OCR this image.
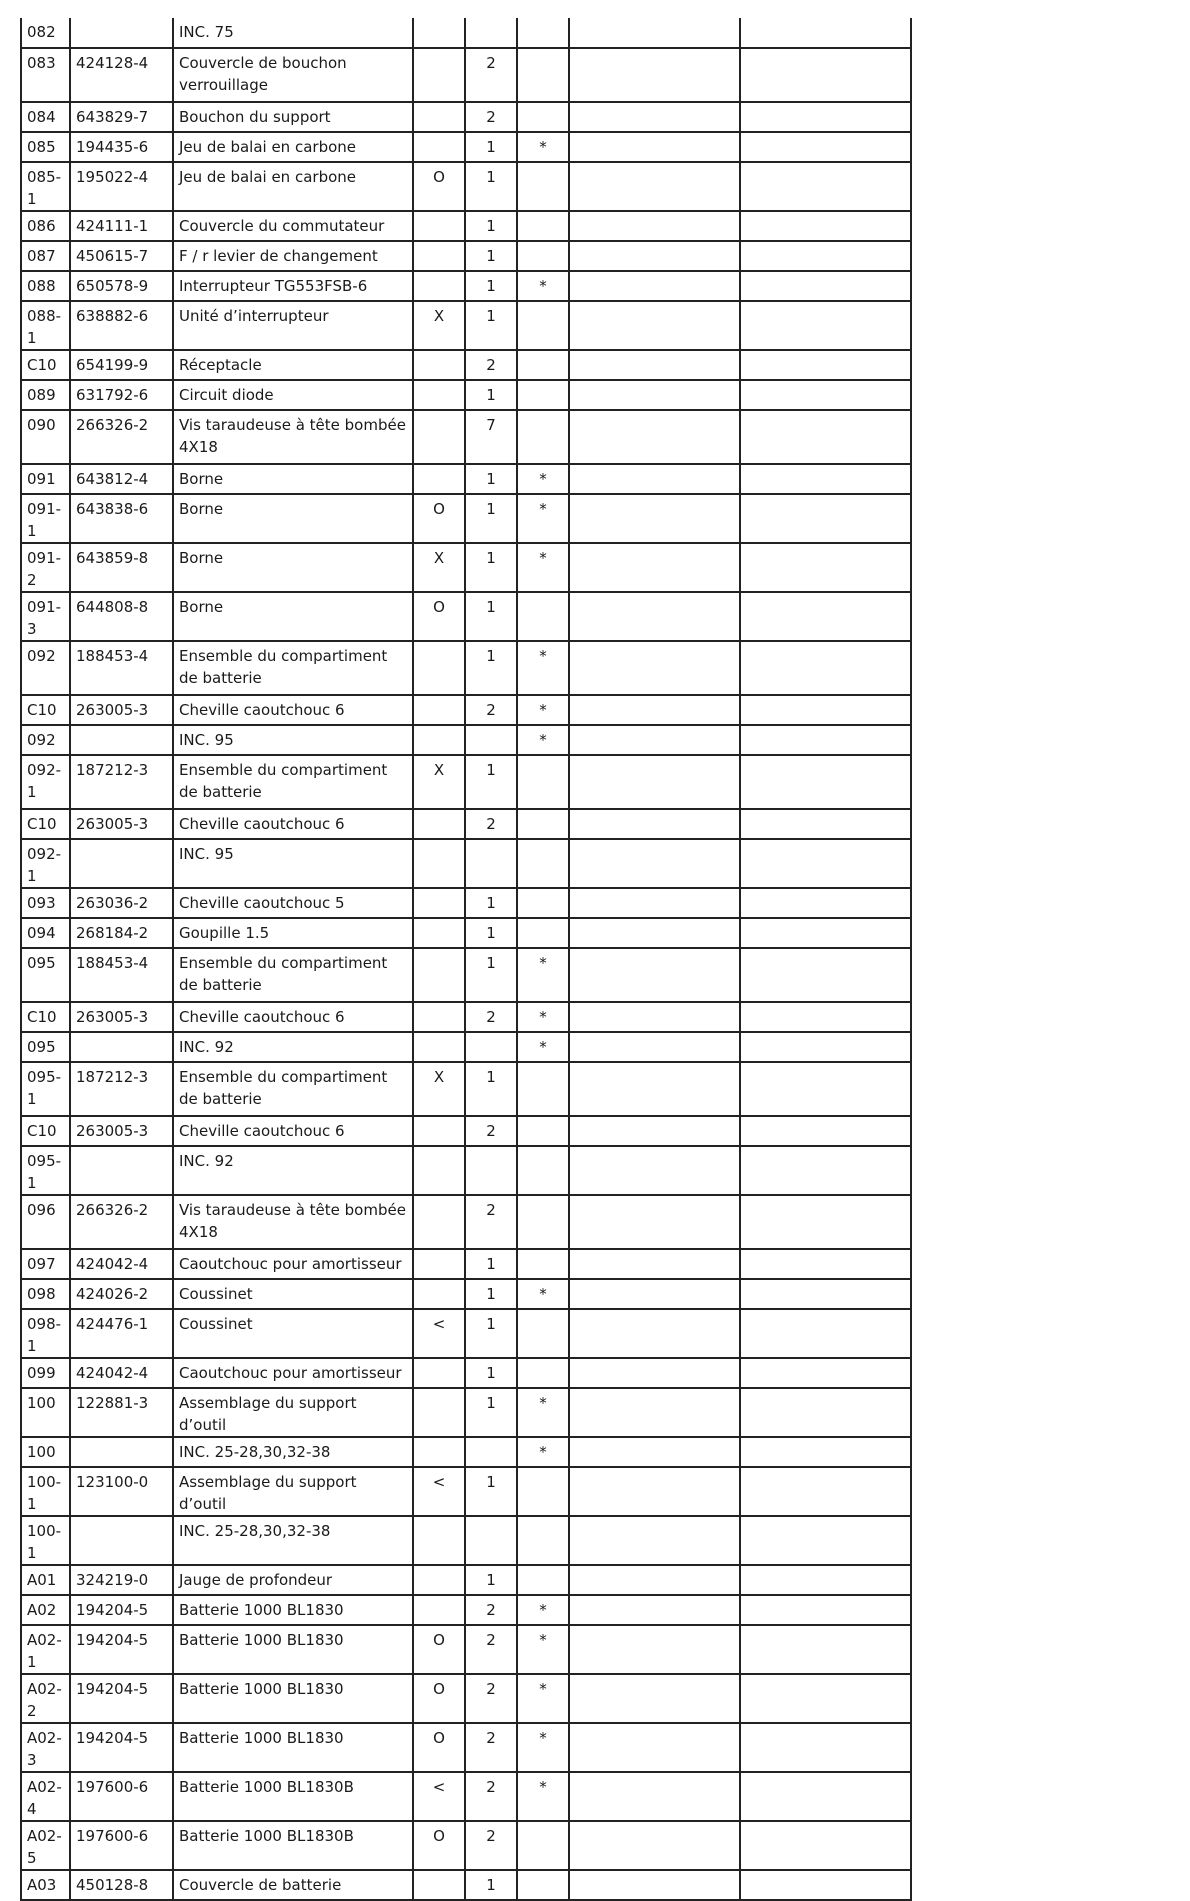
082		INC. 75					
083	424128-4	Couvercle de bouchon verrouillage		2			
084	643829-7	Bouchon du support		2			
085	194435-6	Jeu de balai en carbone		1	*		
085-1	195022-4	Jeu de balai en carbone	O	1			
086	424111-1	Couvercle du commutateur		1			
087	450615-7	F / r levier de changement		1			
088	650578-9	Interrupteur TG553FSB-6		1	*		
088-1	638882-6	Unité d’interrupteur	X	1			
C10	654199-9	Réceptacle		2			
089	631792-6	Circuit diode		1			
090	266326-2	Vis taraudeuse à tête bombée 4X18		7			
091	643812-4	Borne		1	*		
091-1	643838-6	Borne	O	1	*		
091-2	643859-8	Borne	X	1	*		
091-3	644808-8	Borne	O	1			
092	188453-4	Ensemble du compartiment de batterie		1	*		
C10	263005-3	Cheville caoutchouc 6		2	*		
092		INC. 95			*		
092-1	187212-3	Ensemble du compartiment de batterie	X	1			
C10	263005-3	Cheville caoutchouc 6		2			
092-1		INC. 95					
093	263036-2	Cheville caoutchouc 5		1			
094	268184-2	Goupille 1.5		1			
095	188453-4	Ensemble du compartiment de batterie		1	*		
C10	263005-3	Cheville caoutchouc 6		2	*		
095		INC. 92			*		
095-1	187212-3	Ensemble du compartiment de batterie	X	1			
C10	263005-3	Cheville caoutchouc 6		2			
095-1		INC. 92					
096	266326-2	Vis taraudeuse à tête bombée 4X18		2			
097	424042-4	Caoutchouc pour amortisseur		1			
098	424026-2	Coussinet		1	*		
098-1	424476-1	Coussinet	<	1			
099	424042-4	Caoutchouc pour amortisseur		1			
100	122881-3	Assemblage du support d’outil		1	*		
100		INC. 25-28,30,32-38			*		
100-1	123100-0	Assemblage du support d’outil	<	1			
100-1		INC. 25-28,30,32-38					
A01	324219-0	Jauge de profondeur		1			
A02	194204-5	Batterie 1000 BL1830		2	*		
A02-1	194204-5	Batterie 1000 BL1830	O	2	*		
A02-2	194204-5	Batterie 1000 BL1830	O	2	*		
A02-3	194204-5	Batterie 1000 BL1830	O	2	*		
A02-4	197600-6	Batterie 1000 BL1830B	<	2	*		
A02-5	197600-6	Batterie 1000 BL1830B	O	2			
A03	450128-8	Couvercle de batterie		1			
